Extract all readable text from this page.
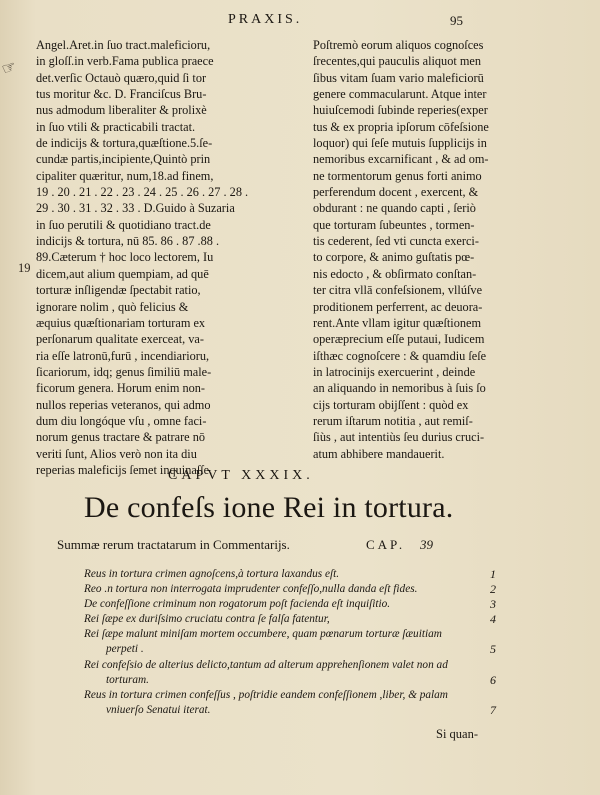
PRAXIS.	95
☞
19
Angel.Aret.in ſuo tract.maleficioru,
in gloſſ.in verb.Fama publica praece
det.verſic Octauò quæro,quid ſi tor
tus moritur &c. D. Franciſcus Bru-
nus admodum liberaliter & prolixè
in ſuo vtili & practicabili tractat.
de indicijs & tortura,quæſtione.5.ſe-
cundæ partis,incipiente,Quintò prin
cipaliter quæritur, num,18.ad finem,
19 . 20 . 21 . 22 . 23 . 24 . 25 . 26 . 27 . 28 .
29 . 30 . 31 . 32 . 33 . D.Guido à Suzaria
in ſuo perutili & quotidiano tract.de
indicijs & tortura, nū 85. 86 . 87 .88 .
89.Cæterum † hoc loco lectorem, Iu
dicem,aut alium quempiam, ad quē
torturæ inſligendæ ſpectabit ratio,
ignorare nolim , quò felicius &
æquius quæſtionariam torturam ex
perſonarum qualitate exerceat, va-
ria eſſe latronū,furū , incendiarioru,
ſicariorum, idq; genus ſimiliū male-
ficorum genera. Horum enim non-
nullos reperias veteranos, qui admo
dum diu longóque vſu , omne faci-
norum genus tractare & patrare nō
veriti ſunt, Alios verò non ita diu
reperias maleficijs ſemet inquinaſſe.
Poſtremò eorum aliquos cognoſces
ſrecentes,qui pauculis aliquot men
ſibus vitam ſuam vario maleficiorū
genere commacularunt. Atque inter
huiuſcemodi ſubinde reperies(exper
tus & ex propria ipſorum cōfeſsione
loquor) qui ſeſe mutuis ſupplicijs in
nemoribus excarnificant , & ad om-
ne tormentorum genus forti animo
perferendum docent , exercent, &
obdurant : ne quando capti , ſeriò
que torturam ſubeuntes , tormen-
tis cederent, ſed vti cuncta exerci-
to corpore, & animo guſtatis pœ-
nis edocto , & obſirmato conſtan-
ter citra vllā confeſsionem, vllúſve
proditionem perferrent, ac deuora-
rent.Ante vllam igitur quæſtionem
operæprecium eſſe putaui, Iudicem
iſthæc cognoſcere : & quamdiu ſeſe
in latrocinijs exercuerint , deinde
an aliquando in nemoribus à ſuis ſo
cijs torturam obijſſent : quòd ex
rerum iſtarum notitia , aut remiſ-
ſiùs , aut intentiùs ſeu durius cruci-
atum abhibere mandauerit.
CAPVT XXXIX.
De confeſs ione Rei in tortura.
Summæ rerum tractatarum in Commentarijs.	CAP. 39
Reus in tortura crimen agnoſcens,à tortura laxandus eſt.	1
Reo .n tortura non interrogata imprudenter confeſſo,nulla danda eſt fides.	2
De confeſſione criminum non rogatorum poſt facienda eſt inquiſitio.	3
Rei ſæpe ex duriſsimo cruciatu contra ſe falſa fatentur,	4
Rei ſæpe malunt miniſam mortem occumbere, quam pœnarum torturæ ſæuitiam
perpeti .	5
Rei confeſsio de alterius delicto,tantum ad alterum apprehenſionem valet non ad
torturam.	6
Reus in tortura crimen confeſſus , poſtridie eandem confeſſionem ,liber, & palam
vniuerſo Senatui iterat.	7
Si quan-
